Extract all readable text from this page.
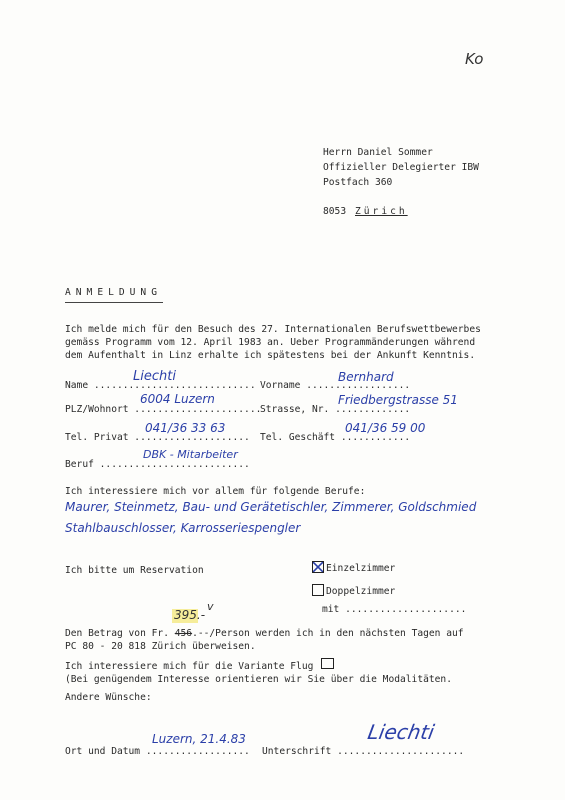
Ko
Herrn Daniel Sommer
Offizieller Delegierter IBW
Postfach 360
8053 Zürich
ANMELDUNG
Ich melde mich für den Besuch des 27. Internationalen Berufswettbewerbes
gemäss Programm vom 12. April 1983 an. Ueber Programmänderungen während
dem Aufenthalt in Linz erhalte ich spätestens bei der Ankunft Kenntnis.
Name ............................
Liechti
Vorname ..................
Bernhard
PLZ/Wohnort ......................
6004 Luzern
Strasse, Nr. .............
Friedbergstrasse 51
Tel. Privat ....................
041/36 33 63
Tel. Geschäft ............
041/36 59 00
Beruf ..........................
DBK - Mitarbeiter
Ich interessiere mich vor allem für folgende Berufe:
Maurer, Steinmetz, Bau- und Gerätetischler, Zimmerer, Goldschmied
Stahlbauschlosser, Karrosseriespengler
Ich bitte um Reservation	Einzelzimmer
Doppelzimmer
mit .....................
395.-
v
Den Betrag von Fr. 456.--/Person werden ich in den nächsten Tagen auf
PC 80 - 20 818 Zürich überweisen.
Ich interessiere mich für die Variante Flug
(Bei genügendem Interesse orientieren wir Sie über die Modalitäten.
Andere Wünsche:
Ort und Datum ..................
Luzern, 21.4.83
Unterschrift ......................
Liechti
